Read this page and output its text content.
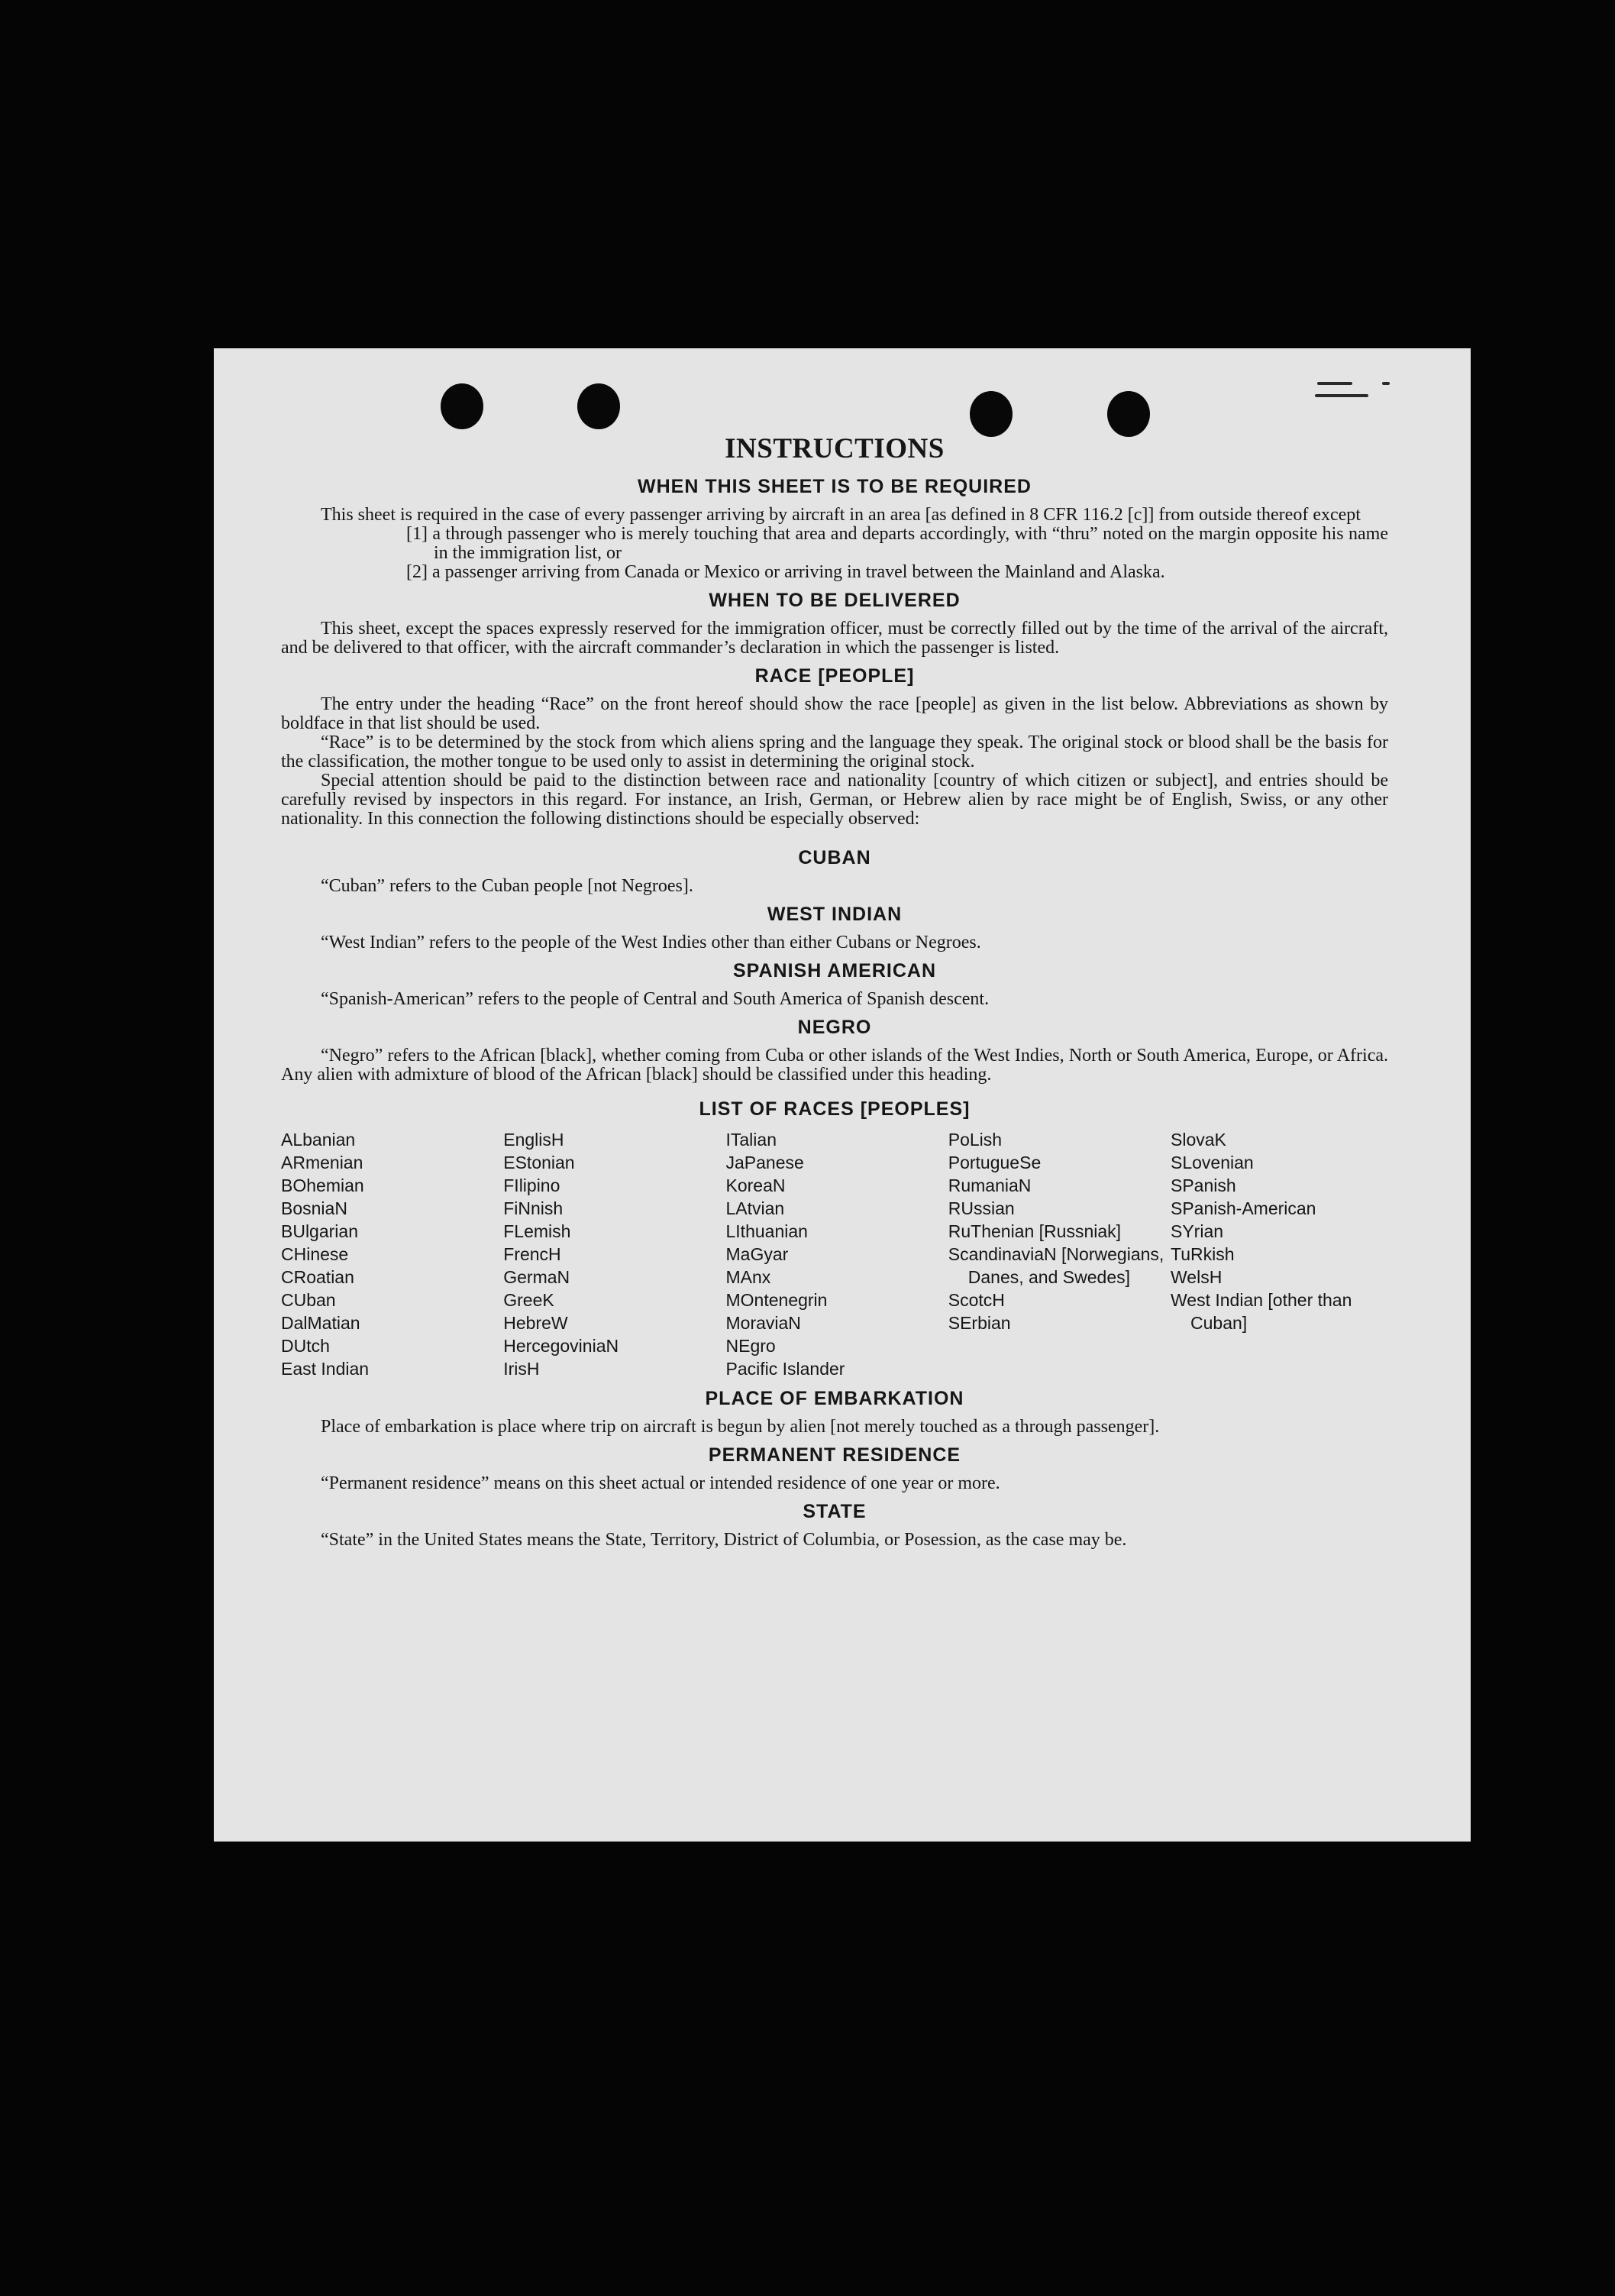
INSTRUCTIONS
WHEN THIS SHEET IS TO BE REQUIRED

This sheet is required in the case of every passenger arriving by aircraft in an area [as defined in 8 CFR 116.2 [c]] from outside thereof except

[1] a through passenger who is merely touching that area and departs accordingly, with “thru” noted on the margin opposite his name in the immigration list, or

[2] a passenger arriving from Canada or Mexico or arriving in travel between the Mainland and Alaska.

WHEN TO BE DELIVERED

This sheet, except the spaces expressly reserved for the immigration officer, must be correctly filled out by the time of the arrival of the aircraft, and be delivered to that officer, with the aircraft commander’s declaration in which the passenger is listed.

RACE [PEOPLE]

The entry under the heading “Race” on the front hereof should show the race [people] as given in the list below. Abbreviations as shown by boldface in that list should be used.

“Race” is to be determined by the stock from which aliens spring and the language they speak. The original stock or blood shall be the basis for the classification, the mother tongue to be used only to assist in determining the original stock.

Special attention should be paid to the distinction between race and nationality [country of which citizen or subject], and entries should be carefully revised by inspectors in this regard. For instance, an Irish, German, or Hebrew alien by race might be of English, Swiss, or any other nationality. In this connection the following distinctions should be especially observed:

CUBAN

“Cuban” refers to the Cuban people [not Negroes].

WEST INDIAN

“West Indian” refers to the people of the West Indies other than either Cubans or Negroes.

SPANISH AMERICAN

“Spanish-American” refers to the people of Central and South America of Spanish descent.

NEGRO

“Negro” refers to the African [black], whether coming from Cuba or other islands of the West Indies, North or South America, Europe, or Africa. Any alien with admixture of blood of the African [black] should be classified under this heading.

LIST OF RACES [PEOPLES]
ALbanian
ARmenian
BOhemian
BosniaN
BUlgarian
CHinese
CRoatian
CUban
DalMatian
DUtch
East Indian
EnglisH
EStonian
FIlipino
FiNnish
FLemish
FrencH
GermaN
GreeK
HebreW
HercegoviniaN
IrisH
ITalian
JaPanese
KoreaN
LAtvian
LIthuanian
MaGyar
MAnx
MOntenegrin
MoraviaN
NEgro
Pacific Islander
PoLish
PortugueSe
RumaniaN
RUssian
RuThenian [Russniak]
ScandinaviaN [Norwegians, Danes, and Swedes]
ScotcH
SErbian
SlovaK
SLovenian
SPanish
SPanish-American
SYrian
TuRkish
WelsH
West Indian [other than Cuban]
PLACE OF EMBARKATION

Place of embarkation is place where trip on aircraft is begun by alien [not merely touched as a through passenger].

PERMANENT RESIDENCE

“Permanent residence” means on this sheet actual or intended residence of one year or more.

STATE

“State” in the United States means the State, Territory, District of Columbia, or Posession, as the case may be.
